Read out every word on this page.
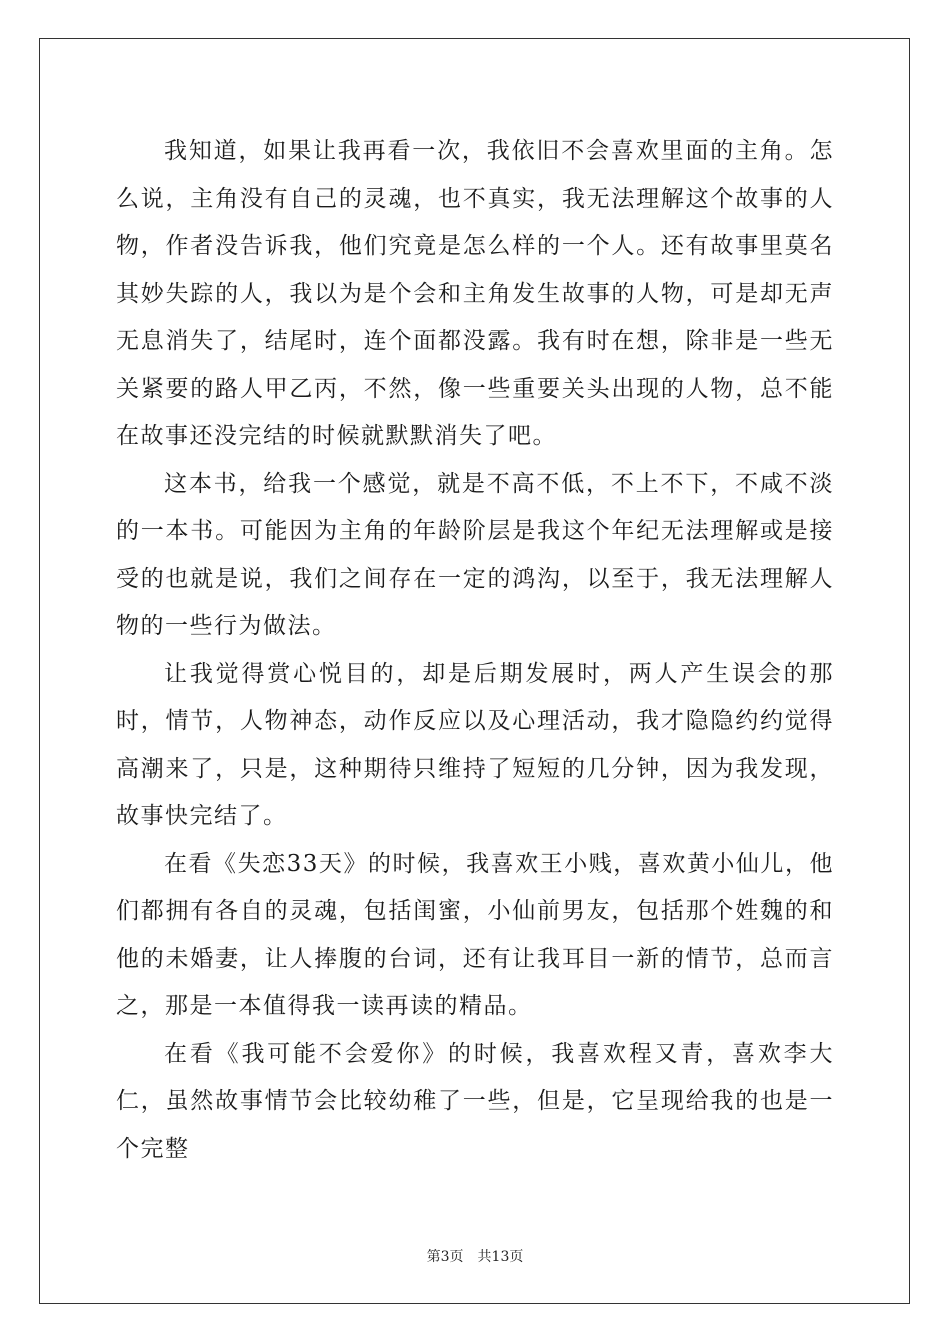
我知道，如果让我再看一次，我依旧不会喜欢里面的主角。怎么说，主角没有自己的灵魂，也不真实，我无法理解这个故事的人物，作者没告诉我，他们究竟是怎么样的一个人。还有故事里莫名其妙失踪的人，我以为是个会和主角发生故事的人物，可是却无声无息消失了，结尾时，连个面都没露。我有时在想，除非是一些无关紧要的路人甲乙丙，不然，像一些重要关头出现的人物，总不能在故事还没完结的时候就默默消失了吧。

这本书，给我一个感觉，就是不高不低，不上不下，不咸不淡的一本书。可能因为主角的年龄阶层是我这个年纪无法理解或是接受的也就是说，我们之间存在一定的鸿沟，以至于，我无法理解人物的一些行为做法。

让我觉得赏心悦目的，却是后期发展时，两人产生误会的那时，情节，人物神态，动作反应以及心理活动，我才隐隐约约觉得高潮来了，只是，这种期待只维持了短短的几分钟，因为我发现，故事快完结了。

在看《失恋33天》的时候，我喜欢王小贱，喜欢黄小仙儿，他们都拥有各自的灵魂，包括闺蜜，小仙前男友，包括那个姓魏的和他的未婚妻，让人捧腹的台词，还有让我耳目一新的情节，总而言之，那是一本值得我一读再读的精品。

在看《我可能不会爱你》的时候，我喜欢程又青，喜欢李大仁，虽然故事情节会比较幼稚了一些，但是，它呈现给我的也是一个完整

第3页 共13页
